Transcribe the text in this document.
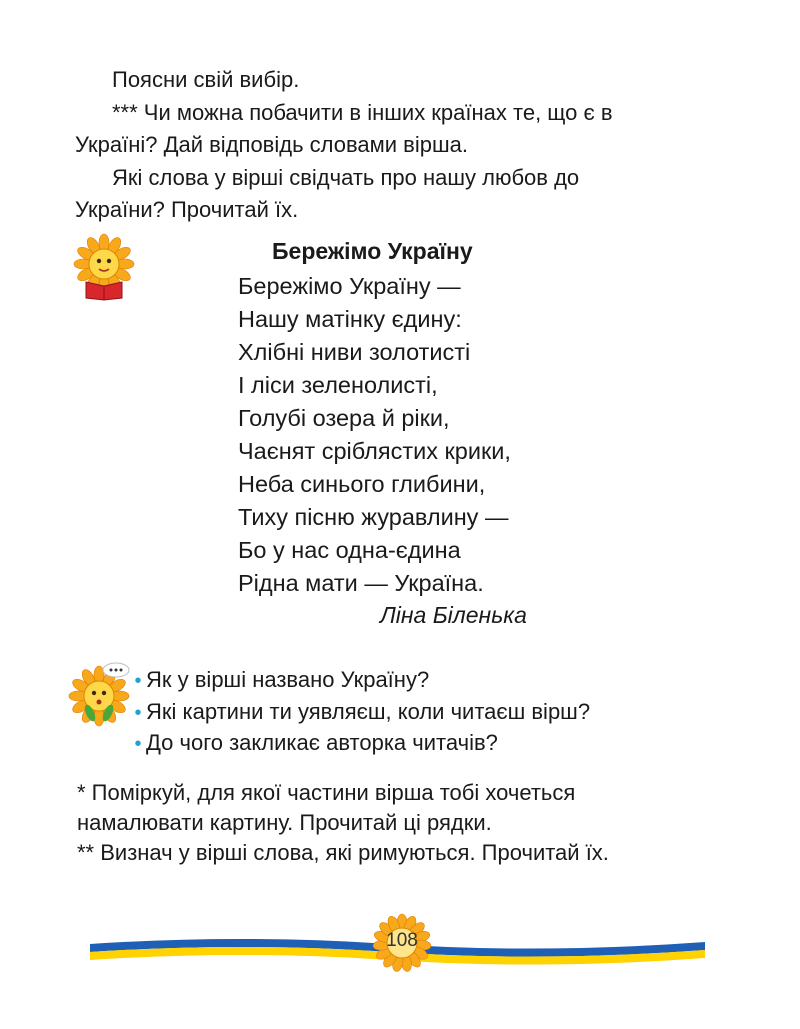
Поясни свій вибір.

*** Чи можна побачити в інших країнах те, що є в

Україні? Дай відповідь словами вірша.

Які слова у вірші свідчать про нашу любов до

України? Прочитай їх.

Бережімо Україну
Бережімо Україну —
Нашу матінку єдину:
Хлібні ниви золотисті
І ліси зеленолисті,
Голубі озера й ріки,
Чаєнят сріблястих крики,
Неба синього глибини,
Тиху пісню журавлину —
Бо у нас одна-єдина
Рідна мати — Україна.
Ліна Біленька
• Як у вірші названо Україну?
• Які картини ти уявляєш, коли читаєш вірш?
• До чого закликає авторка читачів?
* Поміркуй, для якої частини вірша тобі хочеться
намалювати картину. Прочитай ці рядки.
** Визнач у вірші слова, які римуються. Прочитай їх.
108
